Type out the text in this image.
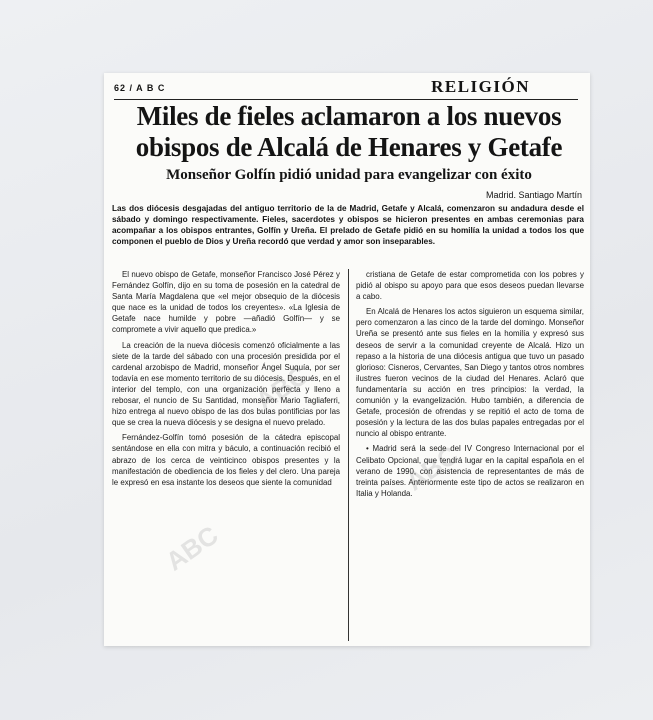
62 / A B C	RELIGIÓN
Miles de fieles aclamaron a los nuevos
obispos de Alcalá de Henares y Getafe
Monseñor Golfín pidió unidad para evangelizar con éxito
Madrid. Santiago Martín
Las dos diócesis desgajadas del antiguo territorio de la de Madrid, Getafe y Alcalá, comenzaron su andadura desde el sábado y domingo respectivamente. Fieles, sacerdotes y obispos se hicieron presentes en ambas ceremonias para acompañar a los obispos entrantes, Golfín y Ureña. El prelado de Getafe pidió en su homilía la unidad a todos los que componen el pueblo de Dios y Ureña recordó que verdad y amor son inseparables.

El nuevo obispo de Getafe, monseñor Francisco José Pérez y Fernández Golfín, dijo en su toma de posesión en la catedral de Santa María Magdalena que «el mejor obsequio de la diócesis que nace es la unidad de todos los creyentes». «La Iglesia de Getafe nace humilde y pobre —añadió Golfín— y se compromete a vivir aquello que predica.»

La creación de la nueva diócesis comenzó oficialmente a las siete de la tarde del sábado con una procesión presidida por el cardenal arzobispo de Madrid, monseñor Ángel Suquía, por ser todavía en ese momento territorio de su diócesis. Después, en el interior del templo, con una organización perfecta y lleno a rebosar, el nuncio de Su Santidad, monseñor Mario Tagliaferri, hizo entrega al nuevo obispo de las dos bulas pontificias por las que se crea la nueva diócesis y se designa el nuevo prelado.

Fernández-Golfín tomó posesión de la cátedra episcopal sentándose en ella con mitra y báculo, a continuación recibió el abrazo de los cerca de veinticinco obispos presentes y la manifestación de obediencia de los fieles y del clero. Una pareja le expresó en esa instante los deseos que siente la comunidad

cristiana de Getafe de estar comprometida con los pobres y pidió al obispo su apoyo para que esos deseos puedan llevarse a cabo.

En Alcalá de Henares los actos siguieron un esquema similar, pero comenzaron a las cinco de la tarde del domingo. Monseñor Ureña se presentó ante sus fieles en la homilía y expresó sus deseos de servir a la comunidad creyente de Alcalá. Hizo un repaso a la historia de una diócesis antigua que tuvo un pasado glorioso: Cisneros, Cervantes, San Diego y tantos otros nombres ilustres fueron vecinos de la ciudad del Henares. Aclaró que fundamentaría su acción en tres principios: la verdad, la comunión y la evangelización. Hubo también, a diferencia de Getafe, procesión de ofrendas y se repitió el acto de toma de posesión y la lectura de las dos bulas papales entregadas por el nuncio al obispo entrante.

• Madrid será la sede del IV Congreso Internacional por el Celibato Opcional, que tendrá lugar en la capital española en el verano de 1990, con asistencia de representantes de más de treinta países. Anteriormente este tipo de actos se realizaron en Italia y Holanda.

ABC
ABC
ABC
